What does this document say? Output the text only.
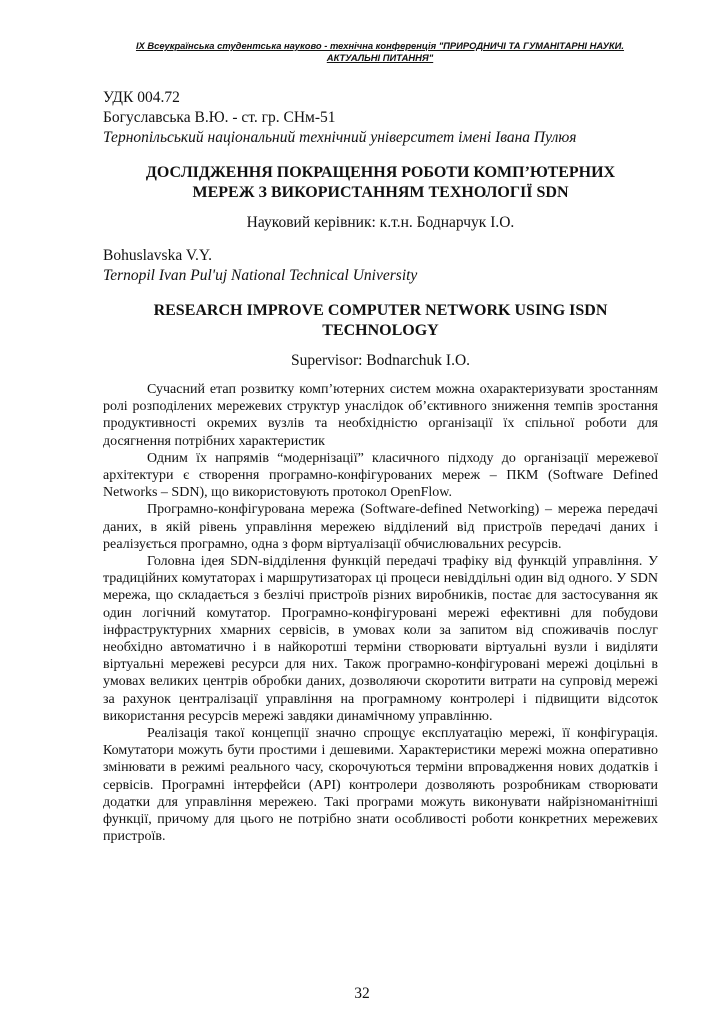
IX Всеукраїнська студентська науково - технічна конференція "ПРИРОДНИЧІ ТА ГУМАНІТАРНІ НАУКИ.
АКТУАЛЬНІ ПИТАННЯ"
УДК 004.72
Богуславська В.Ю. - ст. гр. СНм-51
Тернопільський національний технічний університет імені Івана Пулюя
ДОСЛІДЖЕННЯ ПОКРАЩЕННЯ РОБОТИ КОМП’ЮТЕРНИХ
МЕРЕЖ З ВИКОРИСТАННЯМ ТЕХНОЛОГІЇ SDN
Науковий керівник: к.т.н. Боднарчук І.О.
Bohuslavska V.Y.
Ternopil Ivan Pul'uj National Technical University
RESEARCH IMPROVE COMPUTER NETWORK USING ISDN
TECHNOLOGY
Supervisor: Bodnarchuk I.O.

Сучасний етап розвитку комп’ютерних систем можна охарактеризувати зростанням ролі розподілених мережевих структур унаслідок об’єктивного зниження темпів зростання продуктивності окремих вузлів та необхідністю організації їх спільної роботи для досягнення потрібних характеристик

Одним їх напрямів “модернізації” класичного підходу до організації мережевої архітектури є створення програмно-конфігурованих мереж – ПКМ (Software Defined Networks – SDN), що використовують протокол OpenFlow.

Програмно-конфігурована мережа (Software-defined Networking) – мережа передачі даних, в якій рівень управління мережею відділений від пристроїв передачі даних і реалізується програмно, одна з форм віртуалізації обчислювальних ресурсів.

Головна ідея SDN-відділення функцій передачі трафіку від функцій управління. У традиційних комутаторах і маршрутизаторах ці процеси невіддільні один від одного. У SDN мережа, що складається з безлічі пристроїв різних виробників, постає для застосування як один логічний комутатор. Програмно-конфігуровані мережі ефективні для побудови інфраструктурних хмарних сервісів, в умовах коли за запитом від споживачів послуг необхідно автоматично і в найкоротші терміни створювати віртуальні вузли і виділяти віртуальні мережеві ресурси для них. Також програмно-конфігуровані мережі доцільні в умовах великих центрів обробки даних, дозволяючи скоротити витрати на супровід мережі за рахунок централізації управління на програмному контролері і підвищити відсоток використання ресурсів мережі завдяки динамічному управлінню.

Реалізація такої концепції значно спрощує експлуатацію мережі, її конфігурація. Комутатори можуть бути простими і дешевими. Характеристики мережі можна оперативно змінювати в режимі реального часу, скорочуються терміни впровадження нових додатків і сервісів. Програмні інтерфейси (API) контролери дозволяють розробникам створювати додатки для управління мережею. Такі програми можуть виконувати найрізноманітніші функції, причому для цього не потрібно знати особливості роботи конкретних мережевих пристроїв.

32
